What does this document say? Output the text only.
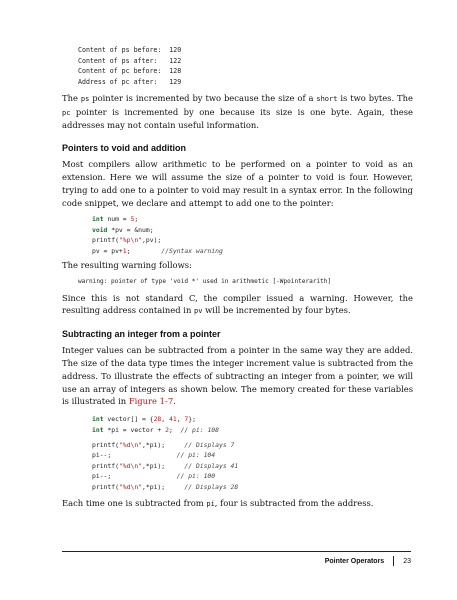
Content of ps before:  120
Content of ps after:   122
Content of pc before:  128
Address of pc after:   129

The ps pointer is incremented by two because the size of a short is two bytes. The pc pointer is incremented by one because its size is one byte. Again, these addresses may not contain useful information.

Pointers to void and addition

Most compilers allow arithmetic to be performed on a pointer to void as an extension. Here we will assume the size of a pointer to void is four. However, trying to add one to a pointer to void may result in a syntax error. In the following code snippet, we declare and attempt to add one to the pointer:

int num = 5;
void *pv = &num;
printf("%p\n",pv);
pv = pv+1;	//Syntax warning

The resulting warning follows:

warning: pointer of type 'void *' used in arithmetic [-Wpointerarith]

Since this is not standard C, the compiler issued a warning. However, the resulting address contained in pv will be incremented by four bytes.

Subtracting an integer from a pointer

Integer values can be subtracted from a pointer in the same way they are added. The size of the data type times the integer increment value is subtracted from the address. To illustrate the effects of subtracting an integer from a pointer, we will use an array of integers as shown below. The memory created for these variables is illustrated in Figure 1-7.

int vector[] = {28, 41, 7};
int *pi = vector + 2;  // pi: 108
printf("%d\n",*pi);     // Displays 7
pi--;                 // pi: 104
printf("%d\n",*pi);     // Displays 41
pi--;                 // pi: 100
printf("%d\n",*pi);     // Displays 28

Each time one is subtracted from pi, four is subtracted from the address.

Pointer Operators	23
